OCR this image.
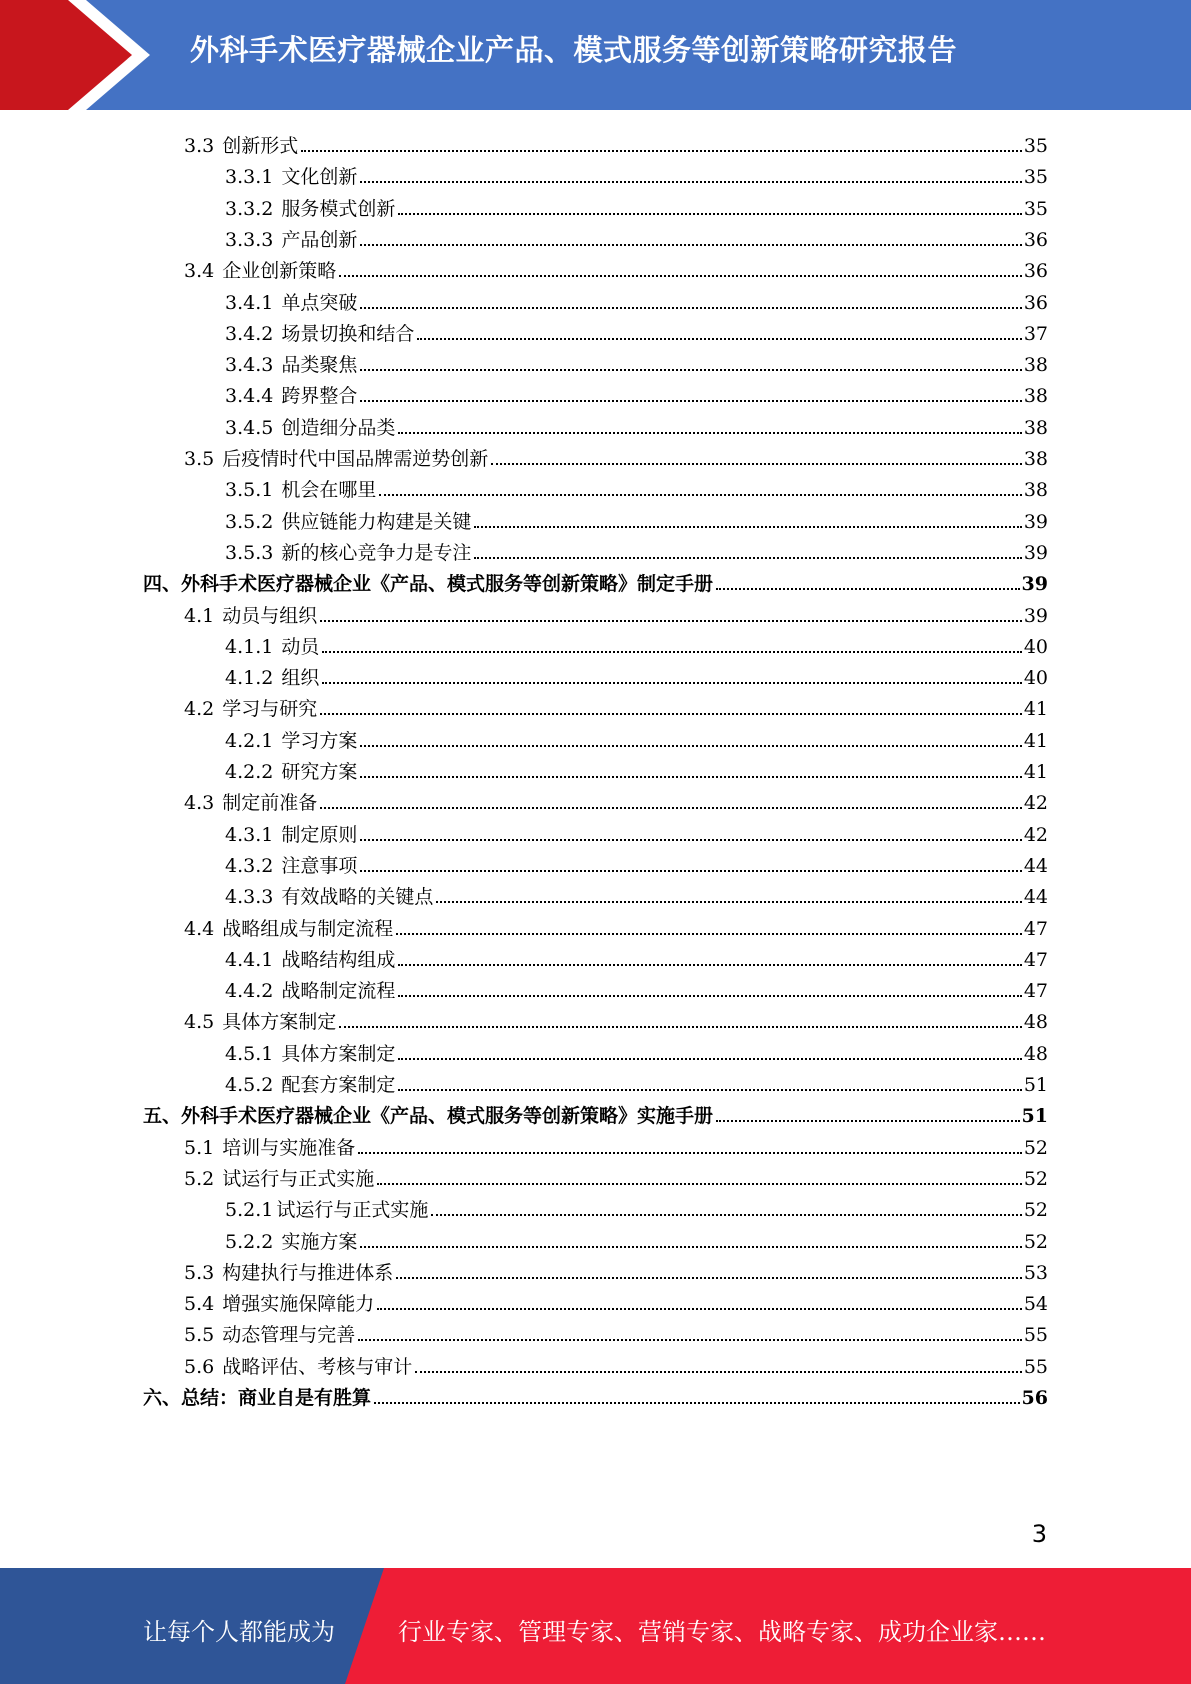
外科手术医疗器械企业产品、模式服务等创新策略研究报告
3.3 创新形式	35
3.3.1 文化创新	35
3.3.2 服务模式创新	35
3.3.3 产品创新	36
3.4 企业创新策略	36
3.4.1 单点突破	36
3.4.2 场景切换和结合	37
3.4.3 品类聚焦	38
3.4.4 跨界整合	38
3.4.5 创造细分品类	38
3.5 后疫情时代中国品牌需逆势创新	38
3.5.1 机会在哪里	38
3.5.2 供应链能力构建是关键	39
3.5.3 新的核心竞争力是专注	39
四、外科手术医疗器械企业《产品、模式服务等创新策略》制定手册	39
4.1 动员与组织	39
4.1.1 动员	40
4.1.2 组织	40
4.2 学习与研究	41
4.2.1 学习方案	41
4.2.2 研究方案	41
4.3 制定前准备	42
4.3.1 制定原则	42
4.3.2 注意事项	44
4.3.3 有效战略的关键点	44
4.4 战略组成与制定流程	47
4.4.1 战略结构组成	47
4.4.2 战略制定流程	47
4.5 具体方案制定	48
4.5.1 具体方案制定	48
4.5.2 配套方案制定	51
五、外科手术医疗器械企业《产品、模式服务等创新策略》实施手册	51
5.1 培训与实施准备	52
5.2 试运行与正式实施	52
5.2.1 试运行与正式实施	52
5.2.2 实施方案	52
5.3 构建执行与推进体系	53
5.4 增强实施保障能力	54
5.5 动态管理与完善	55
5.6 战略评估、考核与审计	55
六、总结：商业自是有胜算	56
3
让每个人都能成为	行业专家、管理专家、营销专家、战略专家、成功企业家……
